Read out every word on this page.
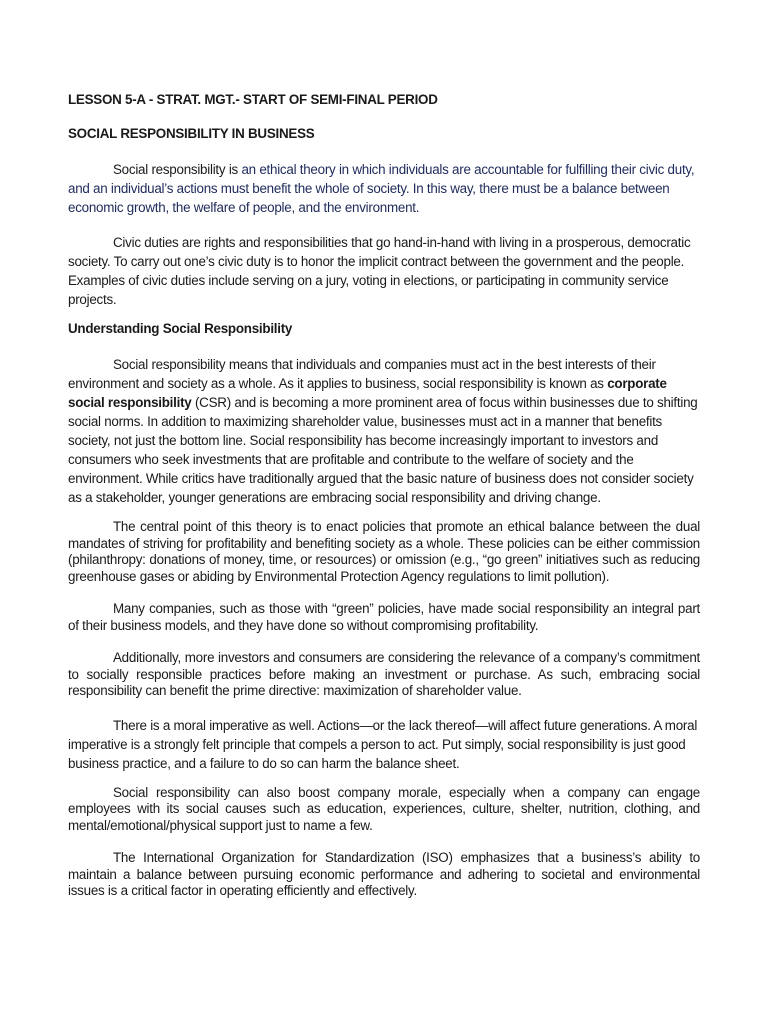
LESSON 5-A - STRAT. MGT.- START OF SEMI-FINAL PERIOD
SOCIAL RESPONSIBILITY IN BUSINESS

Social responsibility is an ethical theory in which individuals are accountable for fulfilling their civic duty, and an individual’s actions must benefit the whole of society. In this way, there must be a balance between economic growth, the welfare of people, and the environment.

Civic duties are rights and responsibilities that go hand-in-hand with living in a prosperous, democratic society. To carry out one’s civic duty is to honor the implicit contract between the government and the people. Examples of civic duties include serving on a jury, voting in elections, or participating in community service projects.

Understanding Social Responsibility

Social responsibility means that individuals and companies must act in the best interests of their environment and society as a whole. As it applies to business, social responsibility is known as corporate social responsibility (CSR) and is becoming a more prominent area of focus within businesses due to shifting social norms. In addition to maximizing shareholder value, businesses must act in a manner that benefits society, not just the bottom line. Social responsibility has become increasingly important to investors and consumers who seek investments that are profitable and contribute to the welfare of society and the environment. While critics have traditionally argued that the basic nature of business does not consider society as a stakeholder, younger generations are embracing social responsibility and driving change.

The central point of this theory is to enact policies that promote an ethical balance between the dual mandates of striving for profitability and benefiting society as a whole. These policies can be either commission (philanthropy: donations of money, time, or resources) or omission (e.g., “go green” initiatives such as reducing greenhouse gases or abiding by Environmental Protection Agency regulations to limit pollution).

Many companies, such as those with “green” policies, have made social responsibility an integral part of their business models, and they have done so without compromising profitability.

Additionally, more investors and consumers are considering the relevance of a company’s commitment to socially responsible practices before making an investment or purchase. As such, embracing social responsibility can benefit the prime directive: maximization of shareholder value.

There is a moral imperative as well. Actions—or the lack thereof—will affect future generations. A moral imperative is a strongly felt principle that compels a person to act. Put simply, social responsibility is just good business practice, and a failure to do so can harm the balance sheet.

Social responsibility can also boost company morale, especially when a company can engage employees with its social causes such as education, experiences, culture, shelter, nutrition, clothing, and mental/emotional/physical support just to name a few.

The International Organization for Standardization (ISO) emphasizes that a business’s ability to maintain a balance between pursuing economic performance and adhering to societal and environmental issues is a critical factor in operating efficiently and effectively.
